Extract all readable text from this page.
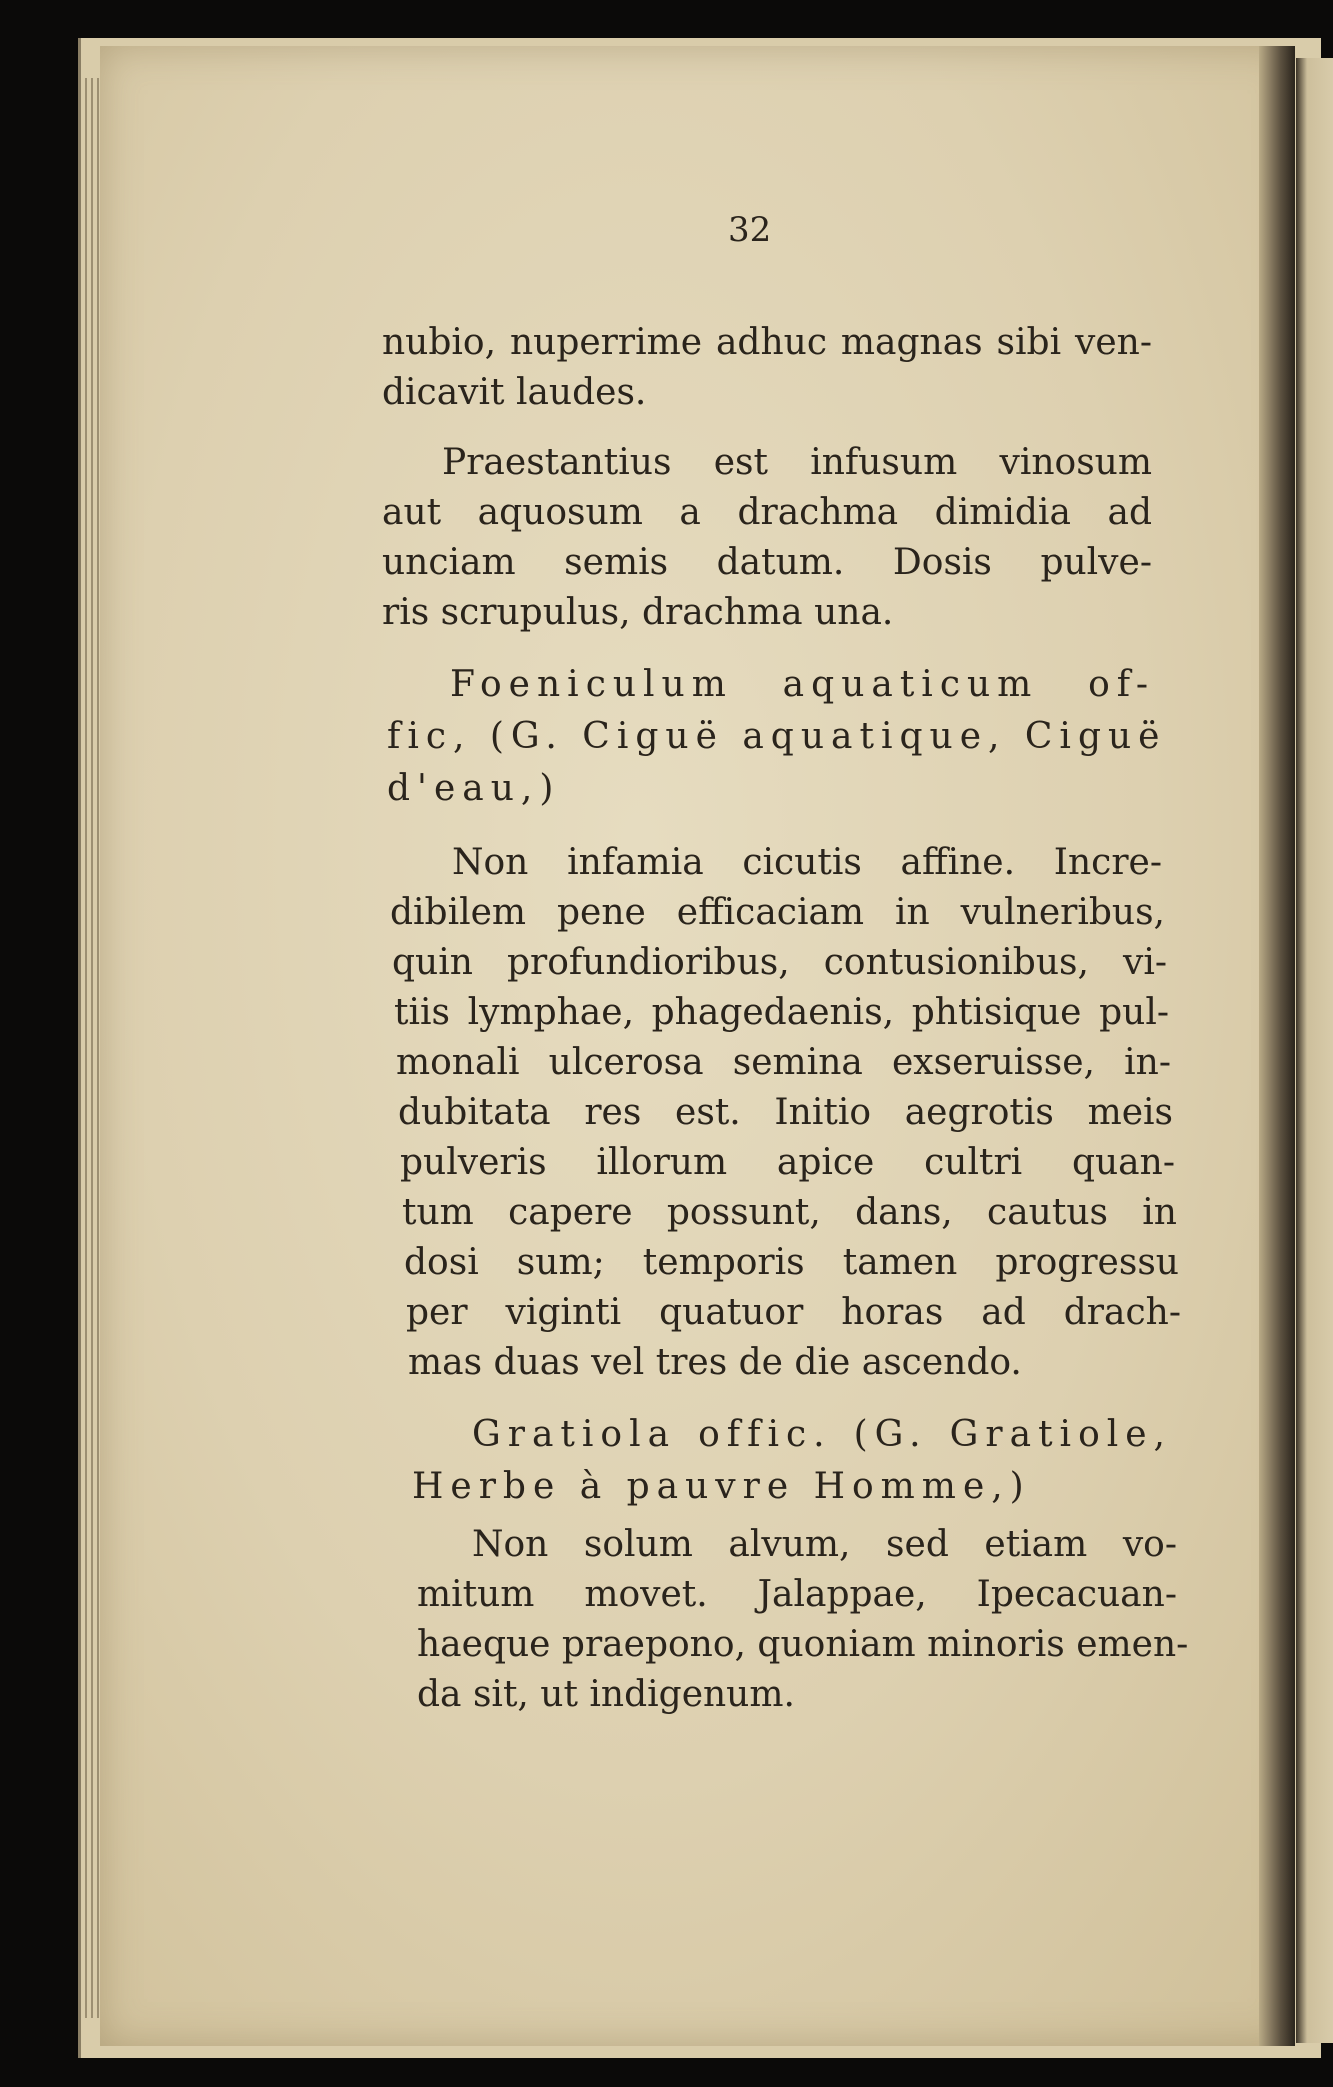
32
nubio, nuperrime adhuc magnas sibi ven-
dicavit laudes.
Praestantius est infusum vinosum
aut aquosum a drachma dimidia ad
unciam semis datum. Dosis pulve-
ris scrupulus, drachma una.
Foeniculum aquaticum of-
fic, (G. Ciguë aquatique, Ciguë
d'eau,)
Non infamia cicutis affine. Incre-
dibilem pene efficaciam in vulneribus,
quin profundioribus, contusionibus, vi-
tiis lymphae, phagedaenis, phtisique pul-
monali ulcerosa semina exseruisse, in-
dubitata res est. Initio aegrotis meis
pulveris illorum apice cultri quan-
tum capere possunt, dans, cautus in
dosi sum; temporis tamen progressu
per viginti quatuor horas ad drach-
mas duas vel tres de die ascendo.
Gratiola offic. (G. Gratiole,
Herbe à pauvre Homme,)
Non solum alvum, sed etiam vo-
mitum movet. Jalappae, Ipecacuan-
haeque praepono, quoniam minoris emen-
da sit, ut indigenum.
